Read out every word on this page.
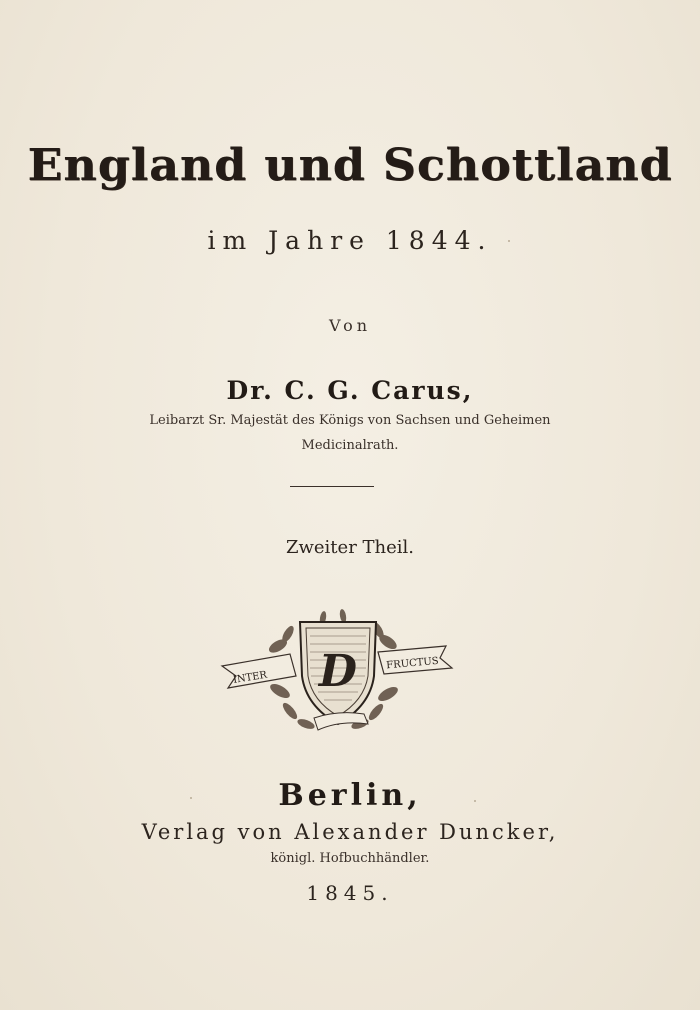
England und Schottland
im Jahre 1844.
Von
Dr. C. G. Carus,
Leibarzt Sr. Majestät des Königs von Sachsen und Geheimen
Medicinalrath.
Zweiter Theil.
INTER
FRUCTUS
D
Berlin,
Verlag von Alexander Duncker,
königl. Hofbuchhändler.
1845.
